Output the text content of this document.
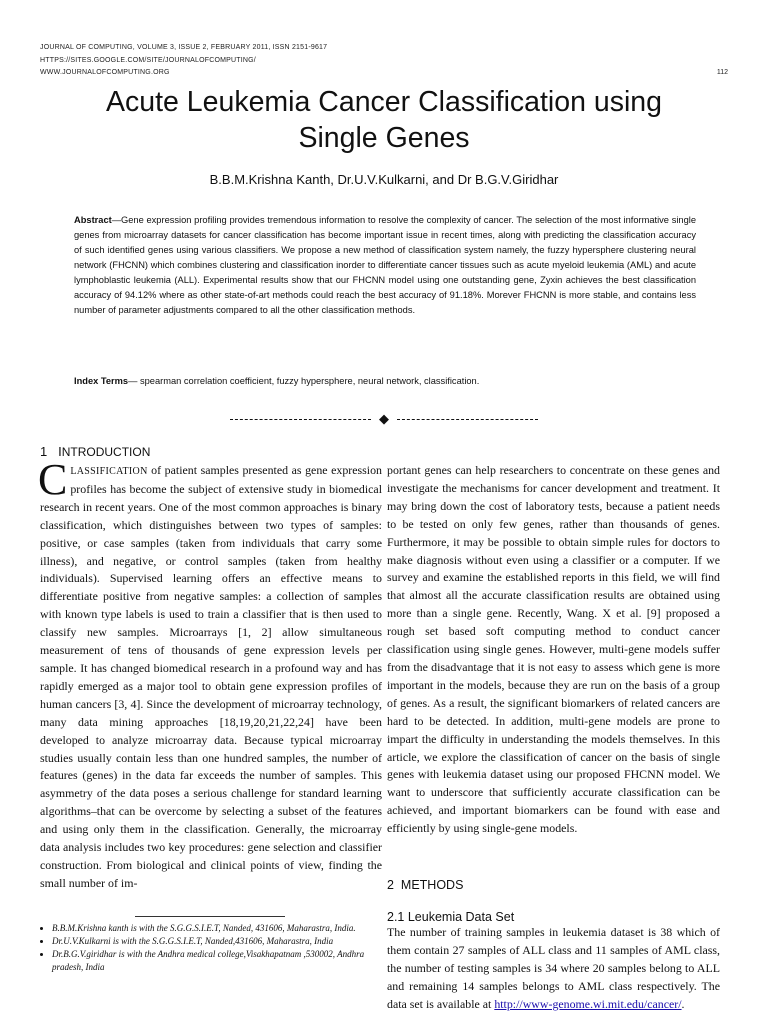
JOURNAL OF COMPUTING, VOLUME 3, ISSUE 2, FEBRUARY 2011, ISSN 2151-9617
HTTPS://SITES.GOOGLE.COM/SITE/JOURNALOFCOMPUTING/
WWW.JOURNALOFCOMPUTING.ORG	112
Acute Leukemia Cancer Classification using
Single Genes
B.B.M.Krishna Kanth, Dr.U.V.Kulkarni, and Dr B.G.V.Giridhar
Abstract—Gene expression profiling provides tremendous information to resolve the complexity of cancer. The selection of the most informative single genes from microarray datasets for cancer classification has become important issue in recent times, along with predicting the classification accuracy of such identified genes using various classifiers. We propose a new method of classification system namely, the fuzzy hypersphere clustering neural network (FHCNN) which combines clustering and classification inorder to differentiate cancer tissues such as acute myeloid leukemia (AML) and acute lymphoblastic leukemia (ALL). Experimental results show that our FHCNN model using one outstanding gene, Zyxin achieves the best classification accuracy of 94.12% where as other state-of-art methods could reach the best accuracy of 91.18%. Morever FHCNN is more stable, and contains less number of parameter adjustments compared to all the other classification methods.
Index Terms— spearman correlation coefficient, fuzzy hypersphere, neural network, classification.
◆
1 INTRODUCTION
CLASSIFICATION of patient samples presented as gene expression profiles has become the subject of extensive study in biomedical research in recent years. One of the most common approaches is binary classification, which distinguishes between two types of samples: positive, or case samples (taken from individuals that carry some illness), and negative, or control samples (taken from healthy individuals). Supervised learning offers an effective means to differentiate positive from negative samples: a collection of samples with known type labels is used to train a classifier that is then used to classify new samples. Microarrays [1, 2] allow simultaneous measurement of tens of thousands of gene expression levels per sample. It has changed biomedical research in a profound way and has rapidly emerged as a major tool to obtain gene expression profiles of human cancers [3, 4]. Since the development of microarray technology, many data mining approaches [18,19,20,21,22,24] have been developed to analyze microarray data. Because typical microarray studies usually contain less than one hundred samples, the number of features (genes) in the data far exceeds the number of samples. This asymmetry of the data poses a serious challenge for standard learning algorithms–that can be overcome by selecting a subset of the features and using only them in the classification. Generally, the microarray data analysis includes two key procedures: gene selection and classifier construction. From biological and clinical points of view, finding the small number of im-
portant genes can help researchers to concentrate on these genes and investigate the mechanisms for cancer development and treatment. It may bring down the cost of laboratory tests, because a patient needs to be tested on only few genes, rather than thousands of genes. Furthermore, it may be possible to obtain simple rules for doctors to make diagnosis without even using a classifier or a computer. If we survey and examine the established reports in this field, we will find that almost all the accurate classification results are obtained using more than a single gene. Recently, Wang. X et al. [9] proposed a rough set based soft computing method to conduct cancer classification using single genes. However, multi-gene models suffer from the disadvantage that it is not easy to assess which gene is more important in the models, because they are run on the basis of a group of genes. As a result, the significant biomarkers of related cancers are hard to be detected. In addition, multi-gene models are prone to impart the difficulty in understanding the models themselves. In this article, we explore the classification of cancer on the basis of single genes with leukemia dataset using our proposed FHCNN model. We want to underscore that sufficiently accurate classification can be achieved, and important biomarkers can be found with ease and efficiently by using single-gene models.
2 METHODS
2.1 Leukemia Data Set
The number of training samples in leukemia dataset is 38 which of them contain 27 samples of ALL class and 11 samples of AML class, the number of testing samples is 34 where 20 samples belong to ALL and remaining 14 samples belongs to AML class respectively. The data set is available at http://www-genome.wi.mit.edu/cancer/.
• B.B.M.Krishna kanth is with the S.G.G.S.I.E.T, Nanded, 431606, Maharastra, India.
• Dr.U.V.Kulkarni is with the S.G.G.S.I.E.T, Nanded,431606, Maharastra, India
• Dr.B.G.V.giridhar is with the Andhra medical college,Visakhapatnam ,530002, Andhra pradesh, India
